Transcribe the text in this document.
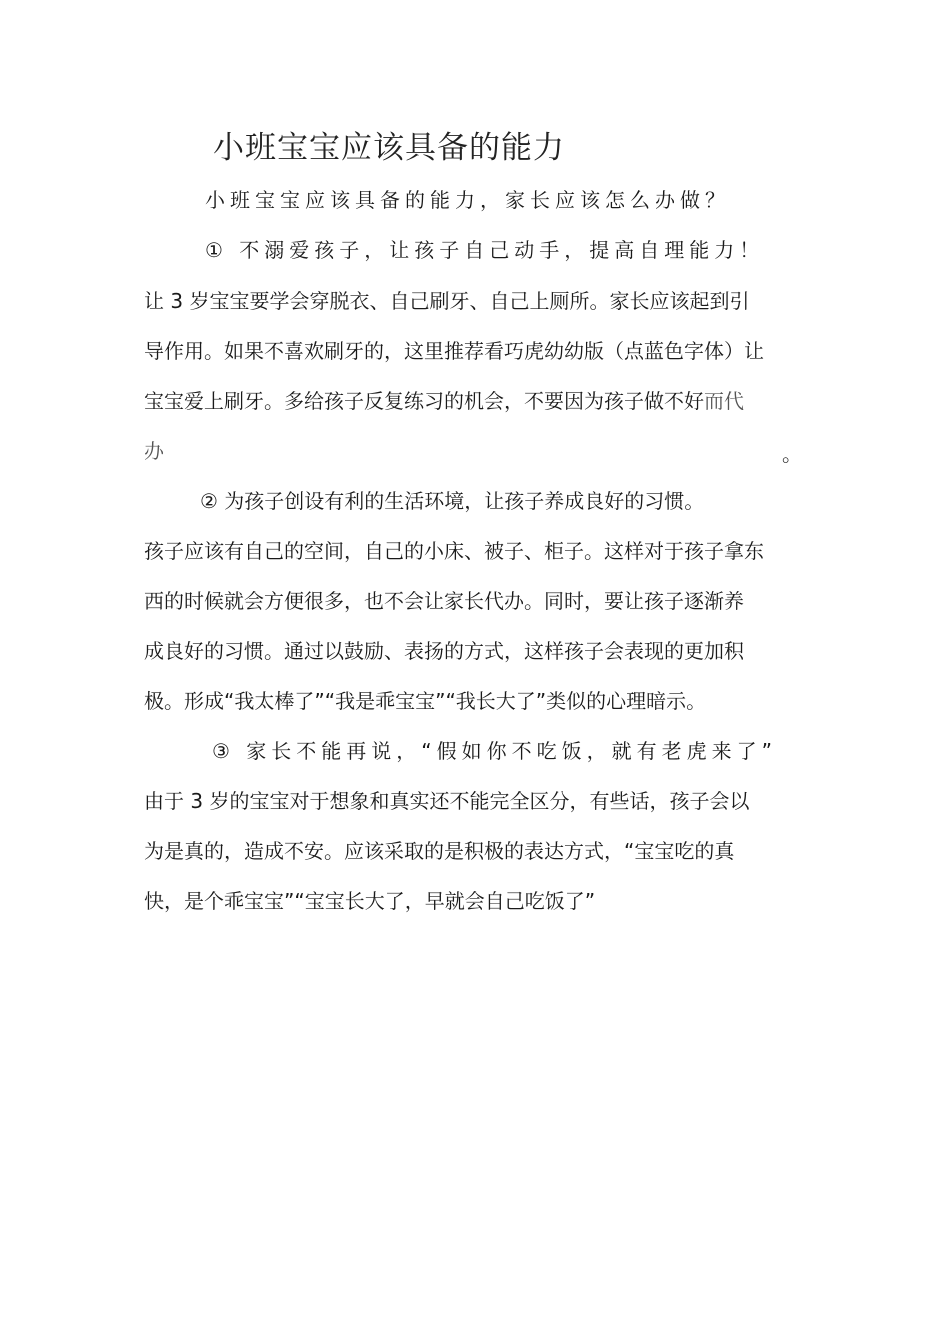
小班宝宝应该具备的能力
小班宝宝应该具备的能力，家长应该怎么办做？
① 不溺爱孩子，让孩子自己动手，提高自理能力！
让 3 岁宝宝要学会穿脱衣、自己刷牙、自己上厕所。家长应该起到引
导作用。如果不喜欢刷牙的，这里推荐看巧虎幼幼版（点蓝色字体）让
宝宝爱上刷牙。多给孩子反复练习的机会，不要因为孩子做不好而代
办	。
② 为孩子创设有利的生活环境，让孩子养成良好的习惯。
孩子应该有自己的空间，自己的小床、被子、柜子。这样对于孩子拿东
西的时候就会方便很多，也不会让家长代办。同时，要让孩子逐渐养
成良好的习惯。通过以鼓励、表扬的方式，这样孩子会表现的更加积
极。形成“我太棒了”“我是乖宝宝”“我长大了”类似的心理暗示。
③ 家长不能再说，“假如你不吃饭，就有老虎来了”
由于 3 岁的宝宝对于想象和真实还不能完全区分，有些话，孩子会以
为是真的，造成不安。应该采取的是积极的表达方式，“宝宝吃的真
快，是个乖宝宝”“宝宝长大了，早就会自己吃饭了”
